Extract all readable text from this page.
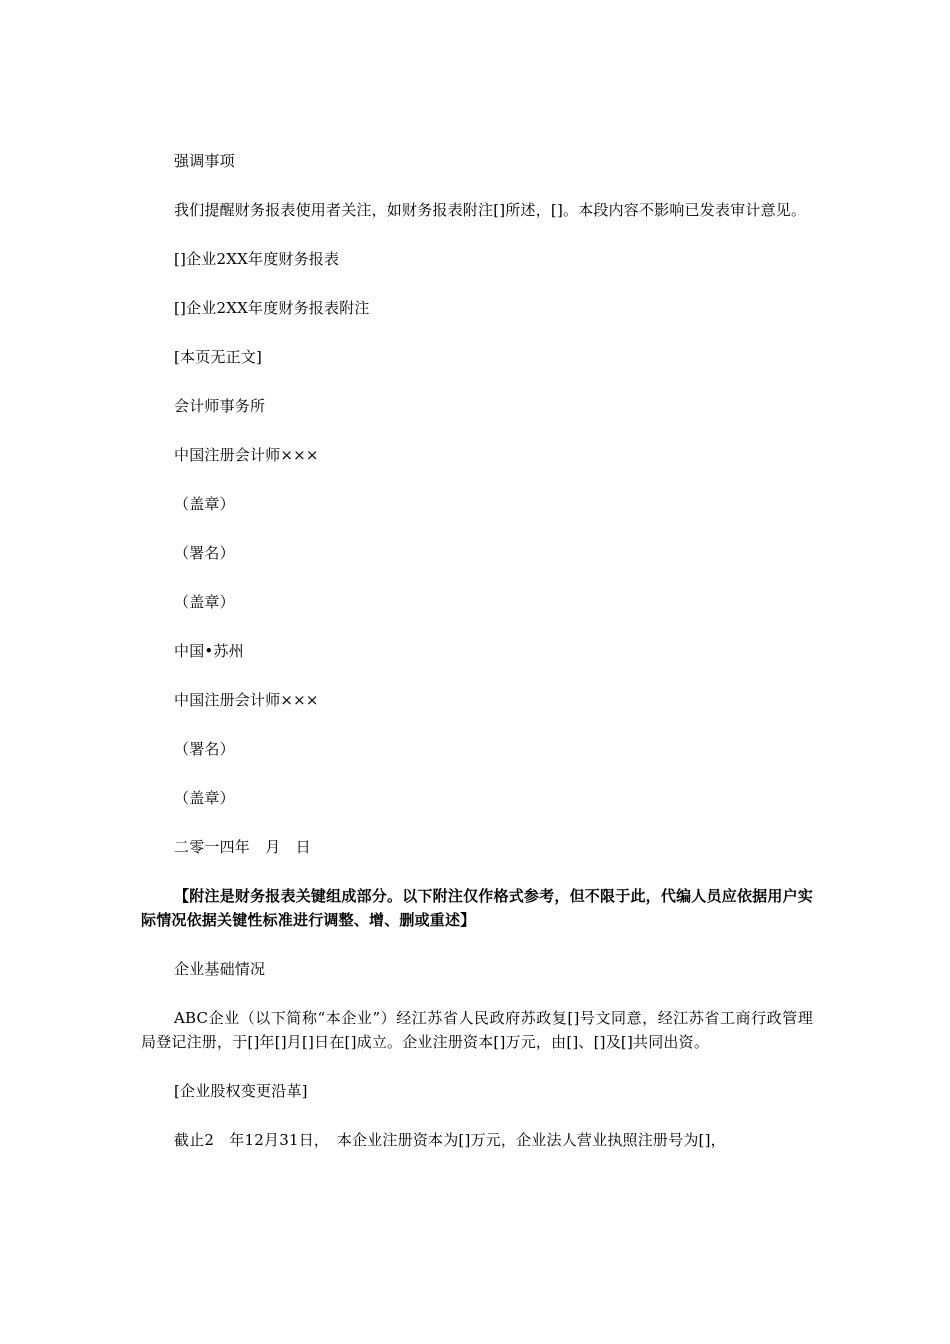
强调事项

我们提醒财务报表使用者关注，如财务报表附注[]所述，[]。本段内容不影响已发表审计意见。

[]企业2XX年度财务报表

[]企业2XX年度财务报表附注

[本页无正文]

会计师事务所

中国注册会计师×××

（盖章）

（署名）

（盖章）

中国•苏州

中国注册会计师×××

（署名）

（盖章）

二零一四年　月　日

【附注是财务报表关键组成部分。以下附注仅作格式参考，但不限于此，代编人员应依据用户实际情况依据关键性标准进行调整、增、删或重述】

企业基础情况

ABC企业（以下简称“本企业”）经江苏省人民政府苏政复[]号文同意，经江苏省工商行政管理局登记注册，于[]年[]月[]日在[]成立。企业注册资本[]万元，由[]、[]及[]共同出资。

[企业股权变更沿革]

截止2　年12月31日，　本企业注册资本为[]万元，企业法人营业执照注册号为[]，
